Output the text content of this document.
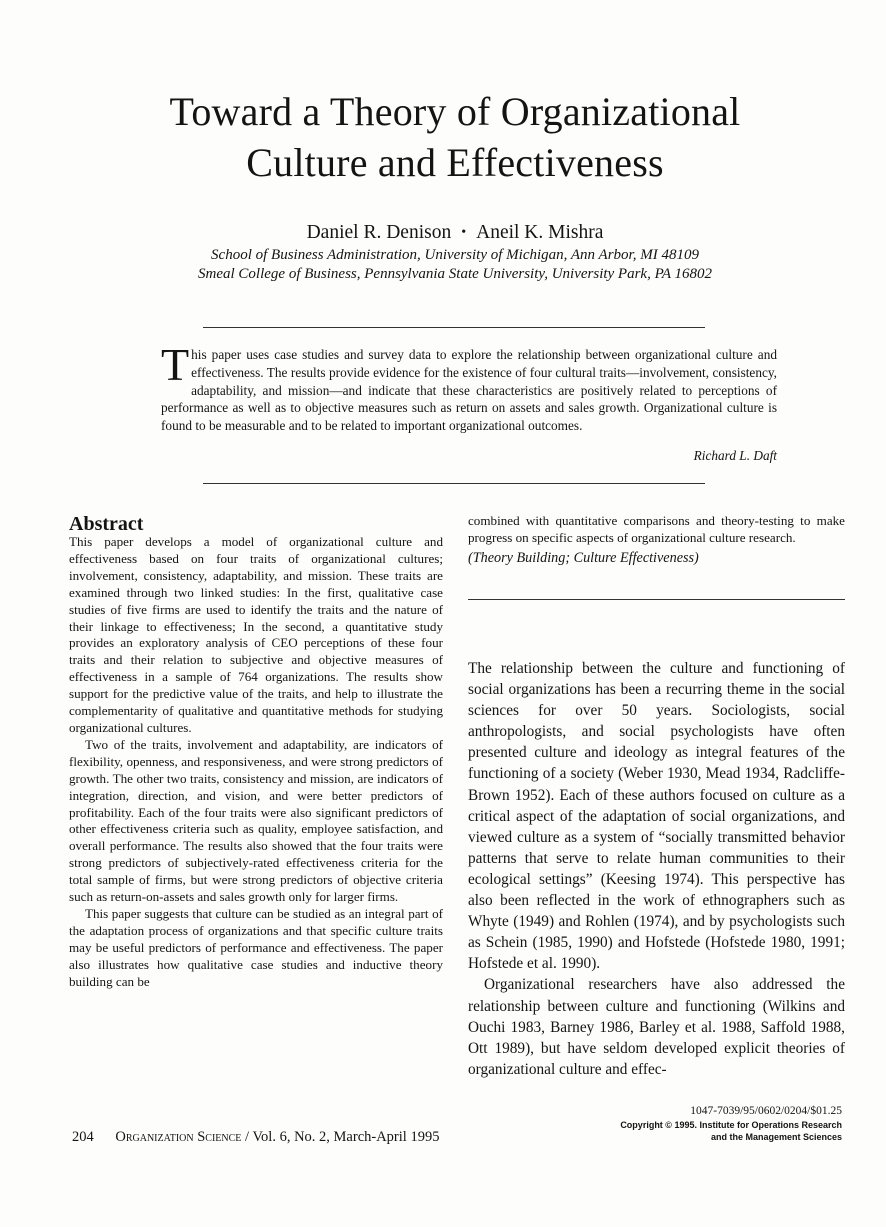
Toward a Theory of Organizational
Culture and Effectiveness
Daniel R. Denison • Aneil K. Mishra
School of Business Administration, University of Michigan, Ann Arbor, MI 48109
Smeal College of Business, Pennsylvania State University, University Park, PA 16802
This paper uses case studies and survey data to explore the relationship between organizational culture and effectiveness. The results provide evidence for the existence of four cultural traits—involvement, consistency, adaptability, and mission—and indicate that these characteristics are positively related to perceptions of performance as well as to objective measures such as return on assets and sales growth. Organizational culture is found to be measurable and to be related to important organizational outcomes.
Richard L. Daft
Abstract

This paper develops a model of organizational culture and effectiveness based on four traits of organizational cultures; involvement, consistency, adaptability, and mission. These traits are examined through two linked studies: In the first, qualitative case studies of five firms are used to identify the traits and the nature of their linkage to effectiveness; In the second, a quantitative study provides an exploratory analysis of CEO perceptions of these four traits and their relation to subjective and objective measures of effectiveness in a sample of 764 organizations. The results show support for the predictive value of the traits, and help to illustrate the complementarity of qualitative and quantitative methods for studying organizational cultures.

Two of the traits, involvement and adaptability, are indicators of flexibility, openness, and responsiveness, and were strong predictors of growth. The other two traits, consistency and mission, are indicators of integration, direction, and vision, and were better predictors of profitability. Each of the four traits were also significant predictors of other effectiveness criteria such as quality, employee satisfaction, and overall performance. The results also showed that the four traits were strong predictors of subjectively-rated effectiveness criteria for the total sample of firms, but were strong predictors of objective criteria such as return-on-assets and sales growth only for larger firms.

This paper suggests that culture can be studied as an integral part of the adaptation process of organizations and that specific culture traits may be useful predictors of performance and effectiveness. The paper also illustrates how qualitative case studies and inductive theory building can be

combined with quantitative comparisons and theory-testing to make progress on specific aspects of organizational culture research.

(Theory Building; Culture Effectiveness)

The relationship between the culture and functioning of social organizations has been a recurring theme in the social sciences for over 50 years. Sociologists, social anthropologists, and social psychologists have often presented culture and ideology as integral features of the functioning of a society (Weber 1930, Mead 1934, Radcliffe-Brown 1952). Each of these authors focused on culture as a critical aspect of the adaptation of social organizations, and viewed culture as a system of “socially transmitted behavior patterns that serve to relate human communities to their ecological settings” (Keesing 1974). This perspective has also been reflected in the work of ethnographers such as Whyte (1949) and Rohlen (1974), and by psychologists such as Schein (1985, 1990) and Hofstede (Hofstede 1980, 1991; Hofstede et al. 1990).

Organizational researchers have also addressed the relationship between culture and functioning (Wilkins and Ouchi 1983, Barney 1986, Barley et al. 1988, Saffold 1988, Ott 1989), but have seldom developed explicit theories of organizational culture and effec-

204 Organization Science / Vol. 6, No. 2, March-April 1995
1047-7039/95/0602/0204/$01.25
Copyright © 1995. Institute for Operations Research
and the Management Sciences
